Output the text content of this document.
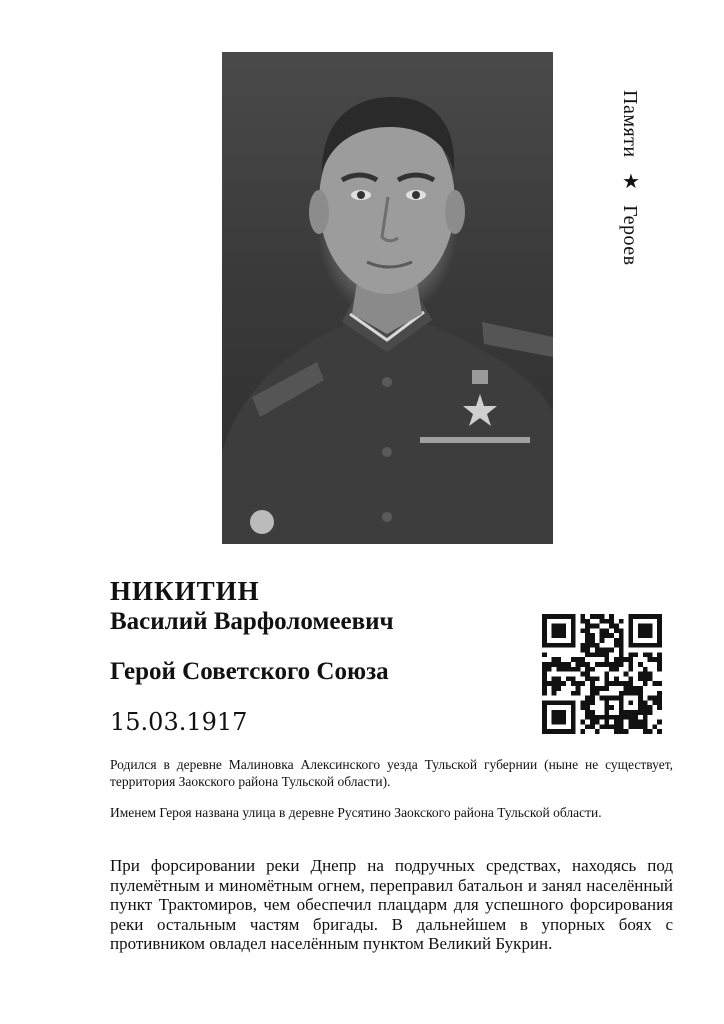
Памяти ★ Героев
НИКИТИН
Василий Варфоломеевич
Герой Советского Союза
15.03.1917

Родился в деревне Малиновка Алексинского уезда Тульской губернии (ныне не существует, территория Заокского района Тульской области).

Именем Героя названа улица в деревне Русятино Заокского района Тульской области.

При форсировании реки Днепр на подручных средствах, находясь под пулемётным и миномётным огнем, переправил батальон и занял населённый пункт Трактомиров, чем обеспечил плацдарм для успешного форсирования реки остальным частям бригады. В дальнейшем в упорных боях с противником овладел населённым пунктом Великий Букрин.
